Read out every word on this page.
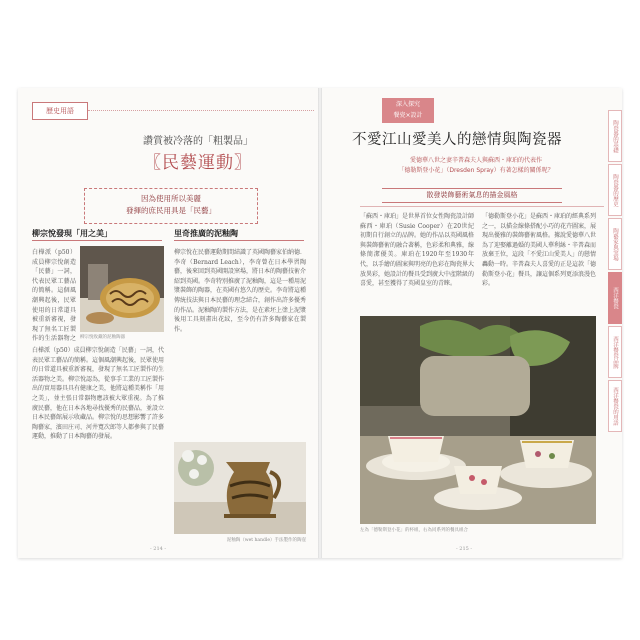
歷史用語
讚賞被冷落的「粗製品」
〖民藝運動〗
因為使用所以美麗
發揮的庶民用具是「民藝」
柳宗悅發現「用之美」	里奇推廣的泥釉陶
柳宗悅收藏的泥釉陶器
白樺派（p50）成員柳宗悅創造「民藝」一詞，代表民眾工藝品的簡稱。這個風潮興起後，民眾使用的日常道具被重新審視，發現了無名工匠製作的生活器物之
白樺派（p50）成員柳宗悅創造「民藝」一詞，代表民眾工藝品的簡稱。這個風潮興起後，民眾使用的日常道具被重新審視，發現了無名工匠製作的生活器物之美。柳宗悅認為，從事手工業的工匠製作出的實用器具具有健康之美，他將這種美稱作「用之美」，並主張日常器物應該被大眾重視。為了推廣民藝，他在日本各地尋找優秀的民藝品，並設立日本民藝館展示收藏品。柳宗悅的思想影響了許多陶藝家，濱田庄司、河井寬次郎等人都參與了民藝運動，推動了日本陶藝的發展。
柳宗悅在民藝運動期間結識了英國陶藝家伯納德．李奇（Bernard Leach），李奇曾在日本學習陶藝，後來回到英國開設窯場，將日本的陶藝技術介紹到英國。李奇特別推廣了泥釉陶，這是一種用泥漿裝飾的陶器，在英國有悠久的歷史。李奇將這種傳統技法與日本民藝的理念結合，創作出許多優秀的作品。泥釉陶的製作方法，是在素坯上塗上泥漿後用工具刻畫出花紋，至今仍有許多陶藝家在製作。
泥釉陶（wet handle）手法製作的陶壺
- 214 -
深入探究
餐瓷×設計
不愛江山愛美人的戀情與陶瓷器
愛德華八世之妻辛普森夫人與蘇西・庫珀的代表作
「德勒斯登小花」（Dresden Spray）有著怎樣的關係呢？
散發裝飾藝術氣息的描金風格
「蘇西・庫珀」是世界首位女性陶瓷設計師蘇西・庫珀（Susie Cooper）在20世紀初期自行創立的品牌。她的作品以英國風格與裝飾藝術的融合著稱，色彩柔和典雅，線條簡潔優美。庫珀在1920年至1930年代，以手繪的圖案與明亮的色彩在陶瓷界大放異彩，她設計的餐具受到廣大中產階級的喜愛，甚至獲得了英國皇室的青睞。
「德勒斯登小花」是蘇西・庫珀的經典系列之一，以描金線條搭配小巧的花卉圖案，展現出優雅的裝飾藝術風格。據說愛德華八世為了迎娶離過婚的美國人華利絲・辛普森而放棄王位，這段「不愛江山愛美人」的戀情轟動一時。辛普森夫人喜愛的正是這款「德勒斯登小花」餐具，讓這個系列更添浪漫色彩。
左為「德勒斯登小花」的杯組，右為同系列的餐具組合
- 215 -
陶瓷器的基礎
陶瓷器的歷史
陶藝家與窯場
西洋餐瓷
西洋餐瓷品牌
西洋餐瓷的用語
